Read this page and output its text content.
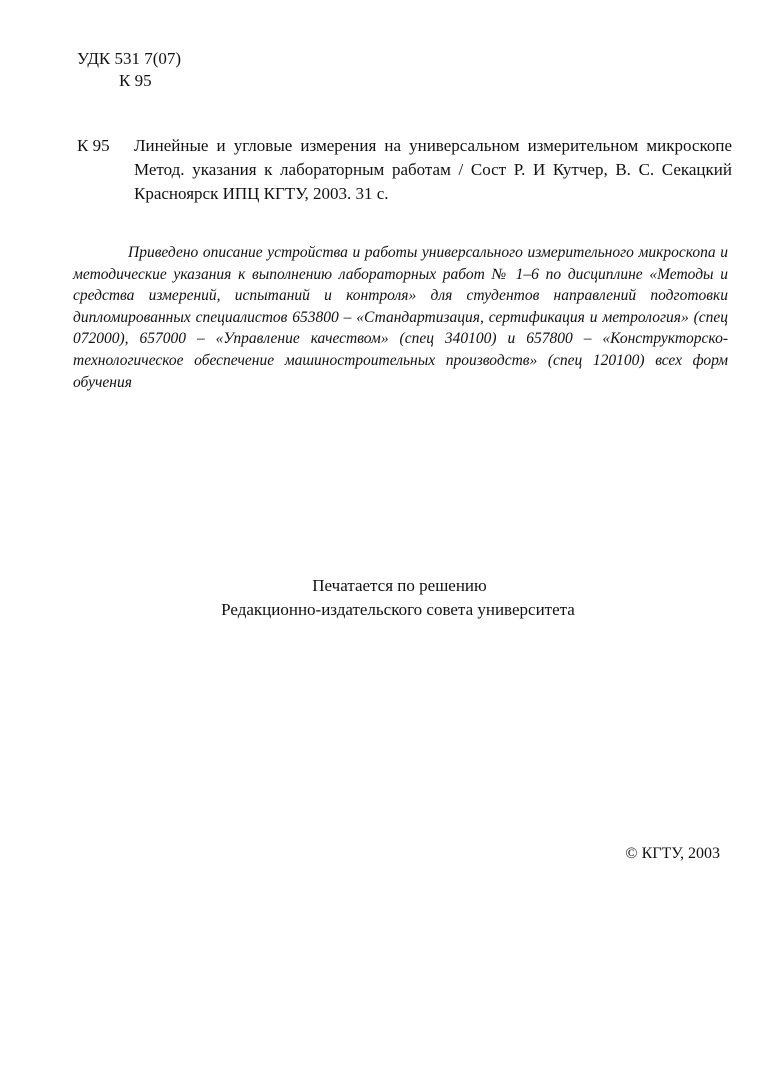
УДК 531 7(07)
К 95
К 95	Линейные и угловые измерения на универсальном измерительном микроскопе Метод. указания к лабораторным работам / Сост Р. И Кутчер, В. С. Секацкий Красноярск ИПЦ КГТУ, 2003. 31 с.
Приведено описание устройства и работы универсального измерительного микроскопа и методические указания к выполнению лабораторных работ № 1–6 по дисциплине «Методы и средства измерений, испытаний и контроля» для студентов направлений подготовки дипломированных специалистов 653800 – «Стандартизация, сертификация и метрология» (спец 072000), 657000 – «Управление качеством» (спец 340100) и 657800 – «Конструкторско-технологическое обеспечение машиностроительных производств» (спец 120100) всех форм обучения
Печатается по решению
Редакционно-издательского совета университета
© КГТУ, 2003
